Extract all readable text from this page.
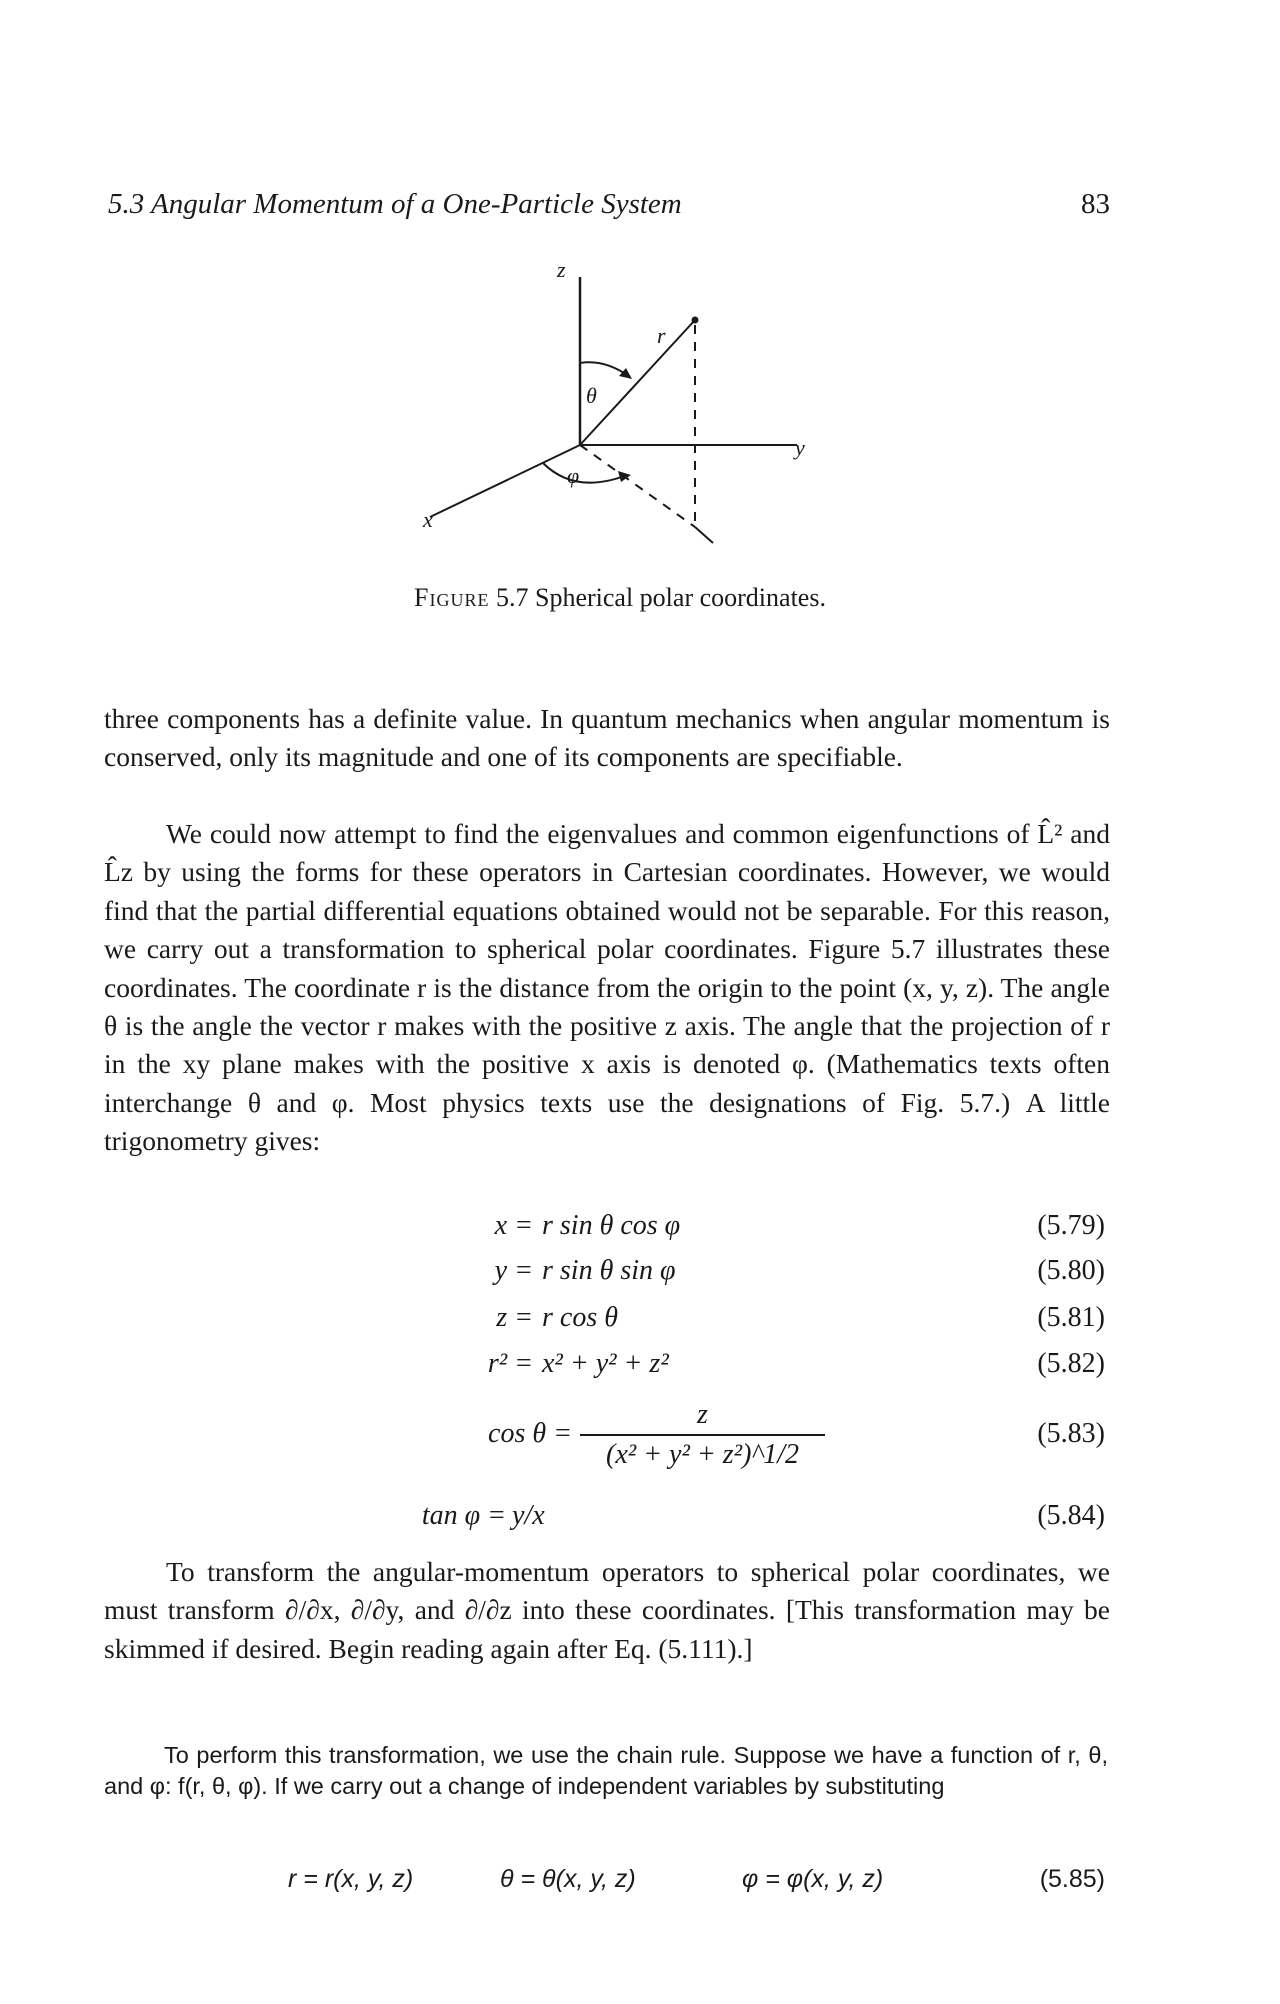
5.3 Angular Momentum of a One-Particle System	83
z
y
x
r
θ
φ
Figure 5.7 Spherical polar coordinates.
three components has a definite value. In quantum mechanics when angular momentum is conserved, only its magnitude and one of its components are specifiable.
We could now attempt to find the eigenvalues and common eigenfunctions of L̂² and L̂z by using the forms for these operators in Cartesian coordinates. However, we would find that the partial differential equations obtained would not be separable. For this reason, we carry out a transformation to spherical polar coordinates. Figure 5.7 illustrates these coordinates. The coordinate r is the distance from the origin to the point (x, y, z). The angle θ is the angle the vector r makes with the positive z axis. The angle that the projection of r in the xy plane makes with the positive x axis is denoted φ. (Mathematics texts often interchange θ and φ. Most physics texts use the designations of Fig. 5.7.) A little trigonometry gives:
x = r sin θ cos φ	(5.79)
y = r sin θ sin φ	(5.80)
z = r cos θ	(5.81)
r² = x² + y² + z²	(5.82)
cos θ =
z
(x² + y² + z²)^1/2
(5.83)
tan φ = y/x	(5.84)
To transform the angular-momentum operators to spherical polar coordinates, we must transform ∂/∂x, ∂/∂y, and ∂/∂z into these coordinates. [This transformation may be skimmed if desired. Begin reading again after Eq. (5.111).]
To perform this transformation, we use the chain rule. Suppose we have a function of r, θ, and φ: f(r, θ, φ). If we carry out a change of independent variables by substituting
r = r(x, y, z)	θ = θ(x, y, z)	φ = φ(x, y, z)	(5.85)
